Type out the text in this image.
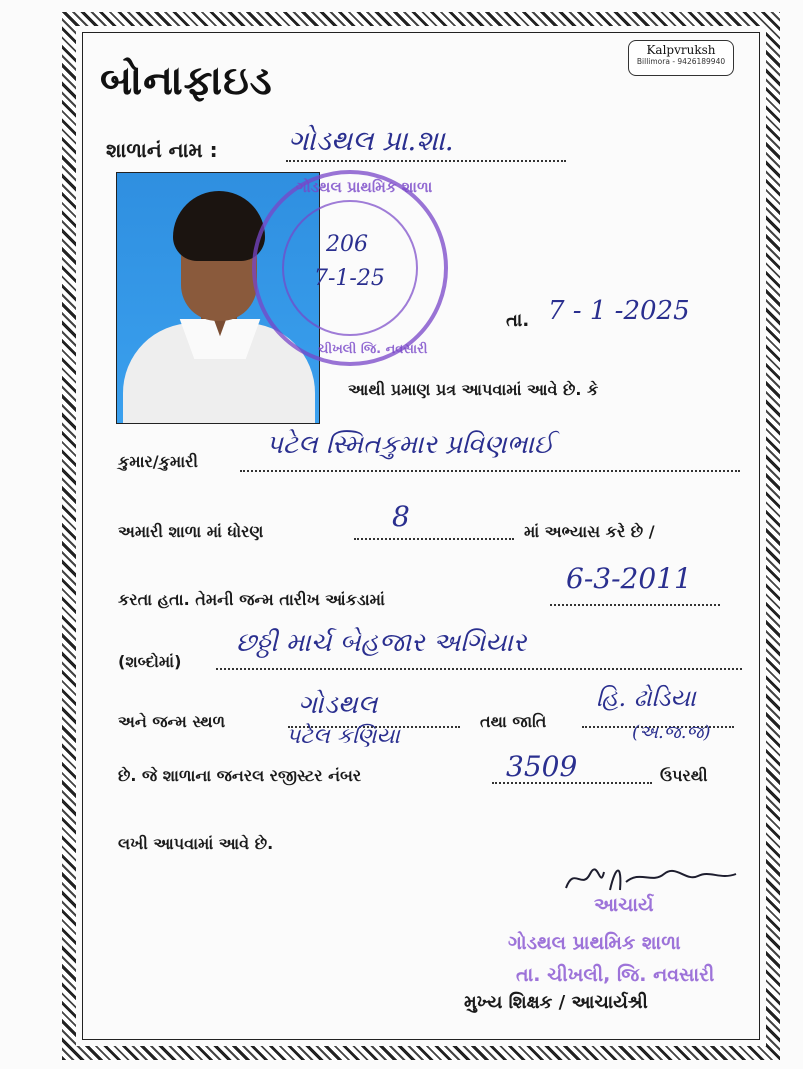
બોનાફાઇડ
Kalpvruksh
Billimora - 9426189940
શાળાનં નામ :	ગોડથલ પ્રા.શા.
ગોડથલ પ્રાથમિક શાળા
ચીખલી જિ. નવસારી
206
7-1-25
તા. 7 - 1 -2025
આથી પ્રમાણ પ્રત્ર આપવામાં આવે છે. કે
કુમાર/કુમારી
પટેલ સ્મિતકુમાર પ્રવિણભાઈ
અમારી શાળા માં ધોરણ	8	માં અભ્યાસ કરે છે /
કરતા હતા. તેમની જન્મ તારીખ આંકડામાં
6-3-2011
(શબ્દોમાં)
છઠ્ઠી માર્ચ બેહજાર અગિયાર
અને જન્મ સ્થળ
ગોડથલ
તથા જાતિ
હિ. ઢોડિયા
પટેલ કણિયા	(અ.જ.જ)
છે. જે શાળાના જનરલ રજીસ્ટર નંબર	3509	ઉપરથી
લખી આપવામાં આવે છે.
આચાર્ય
ગોડથલ પ્રાથમિક શાળા
તા. ચીખલી, જિ. નવસારી
મુખ્ય શિક્ષક / આચાર્યશ્રી
